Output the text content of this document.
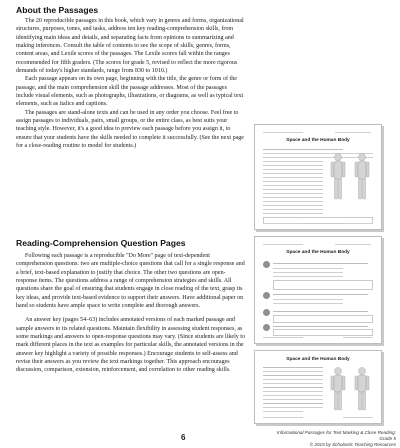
About the Passages

The 20 reproducible passages in this book, which vary in genres and forms, organizational structures, purposes, tones, and tasks, address ten key reading-comprehension skills, from identifying main ideas and details, and separating facts from opinions to summarizing and making inferences. Consult the table of contents to see the scope of skills, genres, forms, content areas, and Lexile scores of the passages. The Lexile scores fall within the ranges recommended for fifth graders. (The scores for grade 5, revised to reflect the more rigorous demands of today's higher standards, range from 830 to 1010.)

Each passage appears on its own page, beginning with the title, the genre or form of the passage, and the main comprehension skill the passage addresses. Most of the passages include visual elements, such as photographs, illustrations, or diagrams, as well as typical text elements, such as italics and captions.

The passages are stand-alone texts and can be used in any order you choose. Feel free to assign passages to individuals, pairs, small groups, or the entire class, as best suits your teaching style. However, it's a good idea to preview each passage before you assign it, to ensure that your students have the skills needed to complete it successfully. (See the next page for a close-reading routine to model for students.)

Reading-Comprehension Question Pages

Following each passage is a reproducible "Do More" page of text-dependent comprehension questions: two are multiple-choice questions that call for a single response and a brief, text-based explanation to justify that choice. The other two questions are open-response items. The questions address a range of comprehension strategies and skills. All questions share the goal of ensuring that students engage in close reading of the text, grasp its key ideas, and provide text-based evidence to support their answers. Have additional paper on hand so students have ample space to write complete and thorough answers.

An answer key (pages 54–63) includes annotated versions of each marked passage and sample answers to its related questions. Maintain flexibility in assessing student responses, as some markings and answers to open-response questions may vary. (Since students are likely to mark different places in the text as examples for particular skills, the annotated versions in the answer key highlight a variety of possible responses.) Encourage students to self-assess and revise their answers as you review the text markings together. This approach encourages discussion, comparison, extension, reinforcement, and correlation to other reading skills.

Space and the Human Body
Space and the Human Body
Space and the Human Body
6
Informational Passages for Text Marking & Close Reading: Grade 5
© 2015 by Scholastic Teaching Resources
